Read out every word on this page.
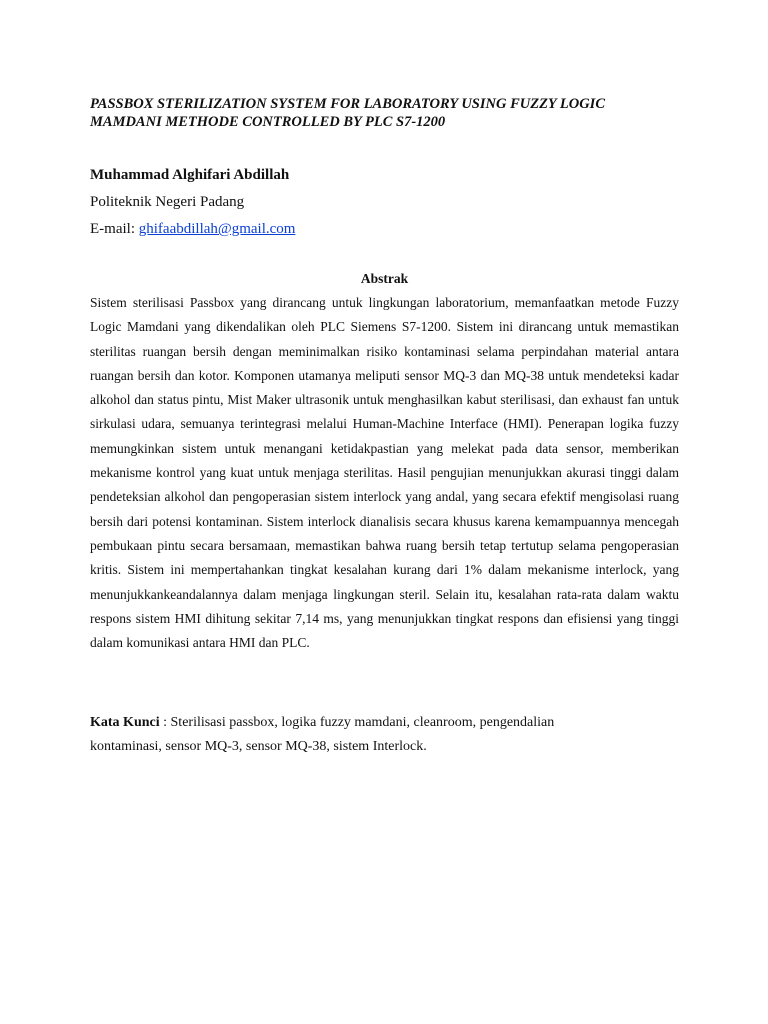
PASSBOX STERILIZATION SYSTEM FOR LABORATORY USING FUZZY LOGIC
MAMDANI METHODE CONTROLLED BY PLC S7-1200
Muhammad Alghifari Abdillah
Politeknik Negeri Padang
E-mail: ghifaabdillah@gmail.com
Abstrak

Sistem sterilisasi Passbox yang dirancang untuk lingkungan laboratorium, memanfaatkan metode Fuzzy Logic Mamdani yang dikendalikan oleh PLC Siemens S7-1200. Sistem ini dirancang untuk memastikan sterilitas ruangan bersih dengan meminimalkan risiko kontaminasi selama perpindahan material antara ruangan bersih dan kotor. Komponen utamanya meliputi sensor MQ-3 dan MQ-38 untuk mendeteksi kadar alkohol dan status pintu, Mist Maker ultrasonik untuk menghasilkan kabut sterilisasi, dan exhaust fan untuk sirkulasi udara, semuanya terintegrasi melalui Human-Machine Interface (HMI). Penerapan logika fuzzy memungkinkan sistem untuk menangani ketidakpastian yang melekat pada data sensor, memberikan mekanisme kontrol yang kuat untuk menjaga sterilitas. Hasil pengujian menunjukkan akurasi tinggi dalam pendeteksian alkohol dan pengoperasian sistem interlock yang andal, yang secara efektif mengisolasi ruang bersih dari potensi kontaminan. Sistem interlock dianalisis secara khusus karena kemampuannya mencegah pembukaan pintu secara bersamaan, memastikan bahwa ruang bersih tetap tertutup selama pengoperasian kritis. Sistem ini mempertahankan tingkat kesalahan kurang dari 1% dalam mekanisme interlock, yang menunjukkankeandalannya dalam menjaga lingkungan steril. Selain itu, kesalahan rata-rata dalam waktu respons sistem HMI dihitung sekitar 7,14 ms, yang menunjukkan tingkat respons dan efisiensi yang tinggi dalam komunikasi antara HMI dan PLC.

Kata Kunci : Sterilisasi passbox, logika fuzzy mamdani, cleanroom, pengendalian kontaminasi, sensor MQ-3, sensor MQ-38, sistem Interlock.
